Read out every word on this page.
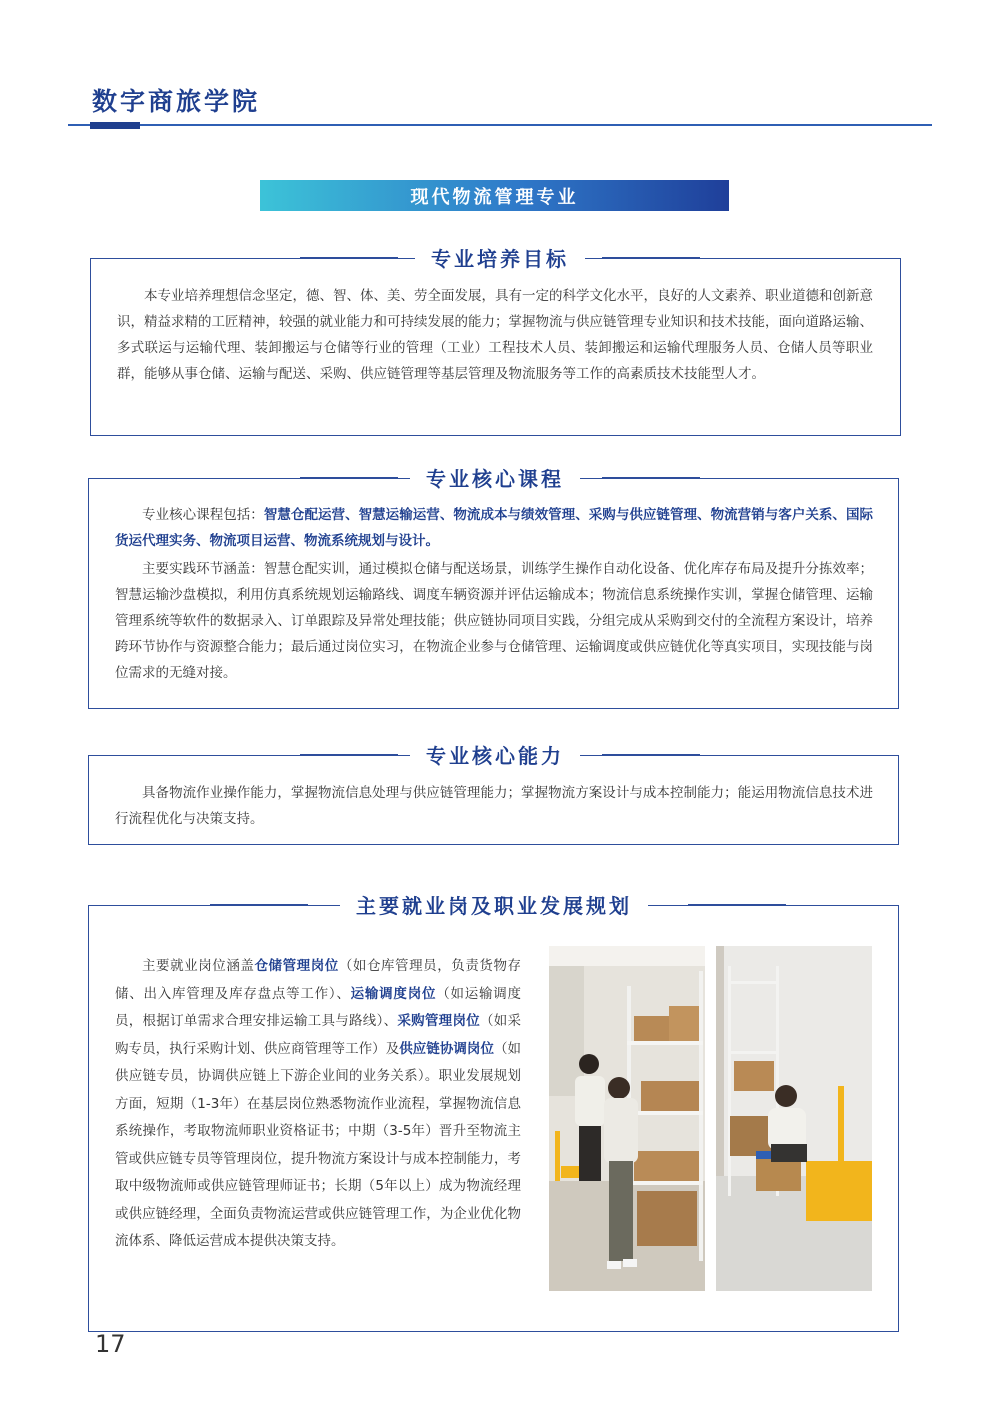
数字商旅学院
现代物流管理专业
专业培养目标

本专业培养理想信念坚定，德、智、体、美、劳全面发展，具有一定的科学文化水平，良好的人文素养、职业道德和创新意识，精益求精的工匠精神，较强的就业能力和可持续发展的能力；掌握物流与供应链管理专业知识和技术技能，面向道路运输、多式联运与运输代理、装卸搬运与仓储等行业的管理（工业）工程技术人员、装卸搬运和运输代理服务人员、仓储人员等职业群，能够从事仓储、运输与配送、采购、供应链管理等基层管理及物流服务等工作的高素质技术技能型人才。

专业核心课程

专业核心课程包括：智慧仓配运营、智慧运输运营、物流成本与绩效管理、采购与供应链管理、物流营销与客户关系、国际货运代理实务、物流项目运营、物流系统规划与设计。

主要实践环节涵盖：智慧仓配实训，通过模拟仓储与配送场景，训练学生操作自动化设备、优化库存布局及提升分拣效率；智慧运输沙盘模拟，利用仿真系统规划运输路线、调度车辆资源并评估运输成本；物流信息系统操作实训，掌握仓储管理、运输管理系统等软件的数据录入、订单跟踪及异常处理技能；供应链协同项目实践，分组完成从采购到交付的全流程方案设计，培养跨环节协作与资源整合能力；最后通过岗位实习，在物流企业参与仓储管理、运输调度或供应链优化等真实项目，实现技能与岗位需求的无缝对接。

专业核心能力

具备物流作业操作能力，掌握物流信息处理与供应链管理能力；掌握物流方案设计与成本控制能力；能运用物流信息技术进行流程优化与决策支持。

主要就业岗及职业发展规划

主要就业岗位涵盖仓储管理岗位（如仓库管理员，负责货物存储、出入库管理及库存盘点等工作）、运输调度岗位（如运输调度员，根据订单需求合理安排运输工具与路线）、采购管理岗位（如采购专员，执行采购计划、供应商管理等工作）及供应链协调岗位（如供应链专员，协调供应链上下游企业间的业务关系）。职业发展规划方面，短期（1-3年）在基层岗位熟悉物流作业流程，掌握物流信息系统操作，考取物流师职业资格证书；中期（3-5年）晋升至物流主管或供应链专员等管理岗位，提升物流方案设计与成本控制能力，考取中级物流师或供应链管理师证书；长期（5年以上）成为物流经理或供应链经理，全面负责物流运营或供应链管理工作，为企业优化物流体系、降低运营成本提供决策支持。

17
